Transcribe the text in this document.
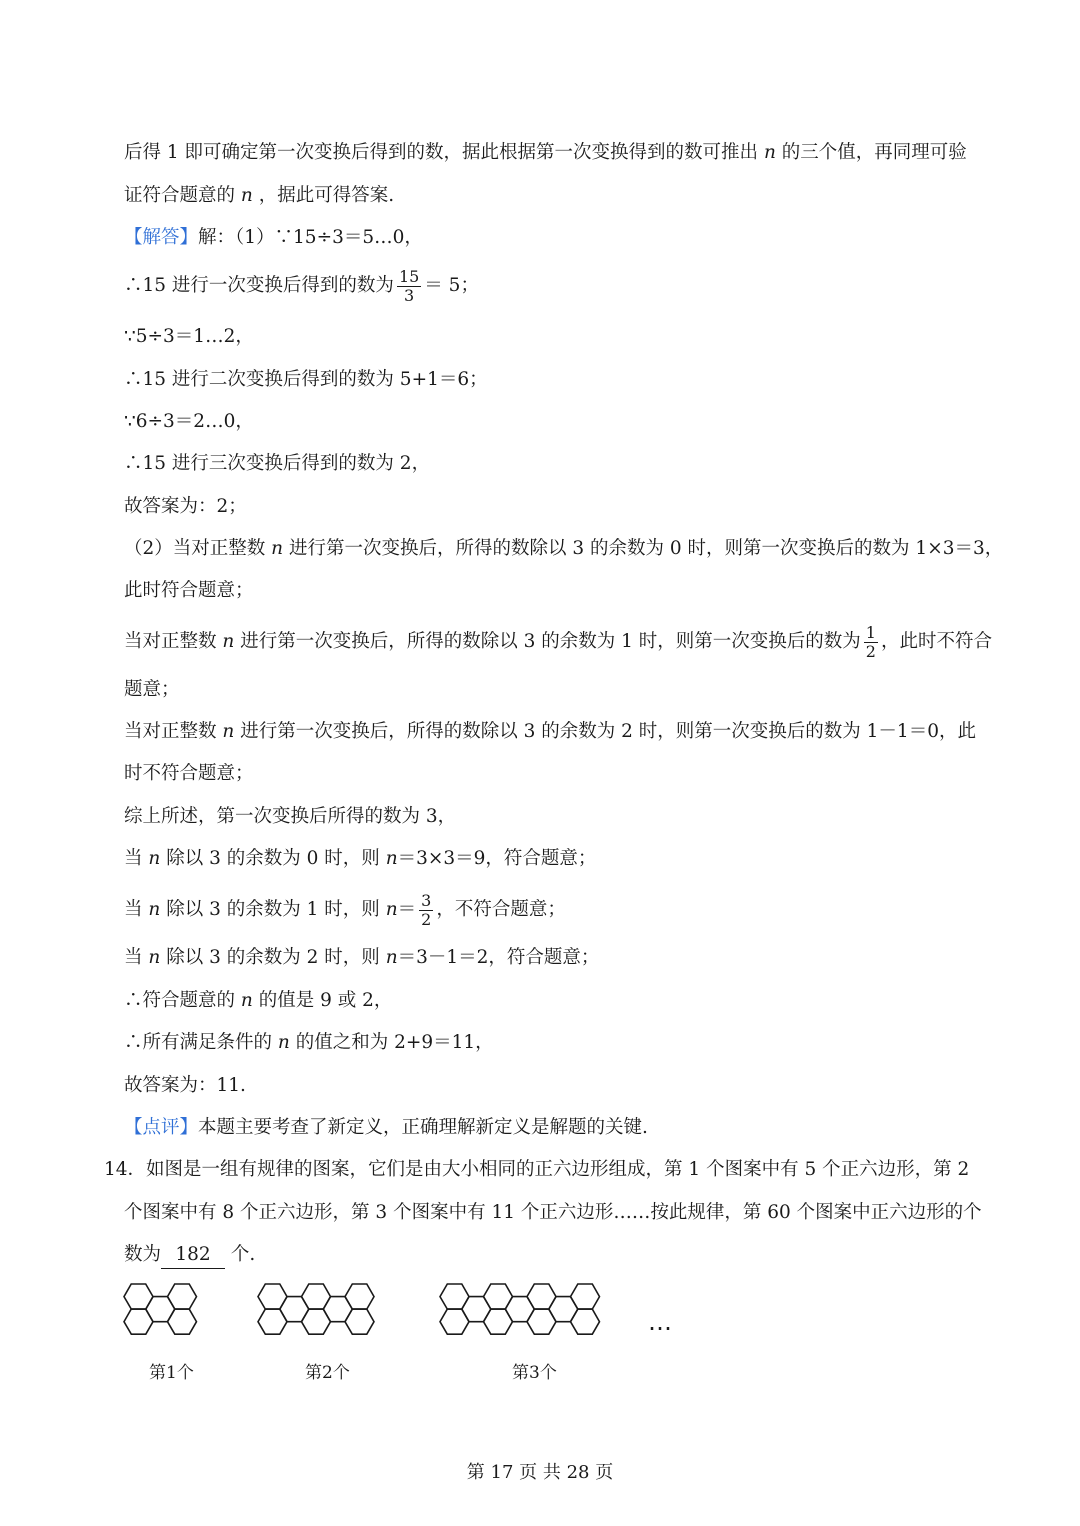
后得 1 即可确定第一次变换后得到的数，据此根据第一次变换得到的数可推出 n 的三个值，再同理可验
证符合题意的 n ，据此可得答案.
【解答】解：（1）∵15÷3＝5…0，
∴15 进行一次变换后得到的数为 $\frac{15}{3} = 5$；
∵5÷3＝1…2，
∴15 进行二次变换后得到的数为 5+1＝6；
∵6÷3＝2…0，
∴15 进行三次变换后得到的数为 2，
故答案为：2；
（2）当对正整数 n 进行第一次变换后，所得的数除以 3 的余数为 0 时，则第一次变换后的数为 1×3＝3，
此时符合题意；
当对正整数 n 进行第一次变换后，所得的数除以 3 的余数为 1 时，则第一次变换后的数为 $\frac{1}{2}$ ，此时不符合
题意；
当对正整数 n 进行第一次变换后，所得的数除以 3 的余数为 2 时，则第一次变换后的数为 1－1＝0，此
时不符合题意；
综上所述，第一次变换后所得的数为 3，
当 n 除以 3 的余数为 0 时，则 n＝3×3＝9，符合题意；
当 n 除以 3 的余数为 1 时，则 $n= \frac{3}{2}$ ，不符合题意；
当 n 除以 3 的余数为 2 时，则 n＝3－1＝2，符合题意；
∴符合题意的 n 的值是 9 或 2，
∴所有满足条件的 n 的值之和为 2+9＝11，
故答案为：11.
【点评】本题主要考查了新定义，正确理解新定义是解题的关键.
14．如图是一组有规律的图案，它们是由大小相同的正六边形组成，第 1 个图案中有 5 个正六边形，第 2
个图案中有 8 个正六边形，第 3 个图案中有 11 个正六边形……按此规律，第 60 个图案中正六边形的个
数为 182 个.
…
第1个	第2个	第3个
第 17 页 共 28 页
